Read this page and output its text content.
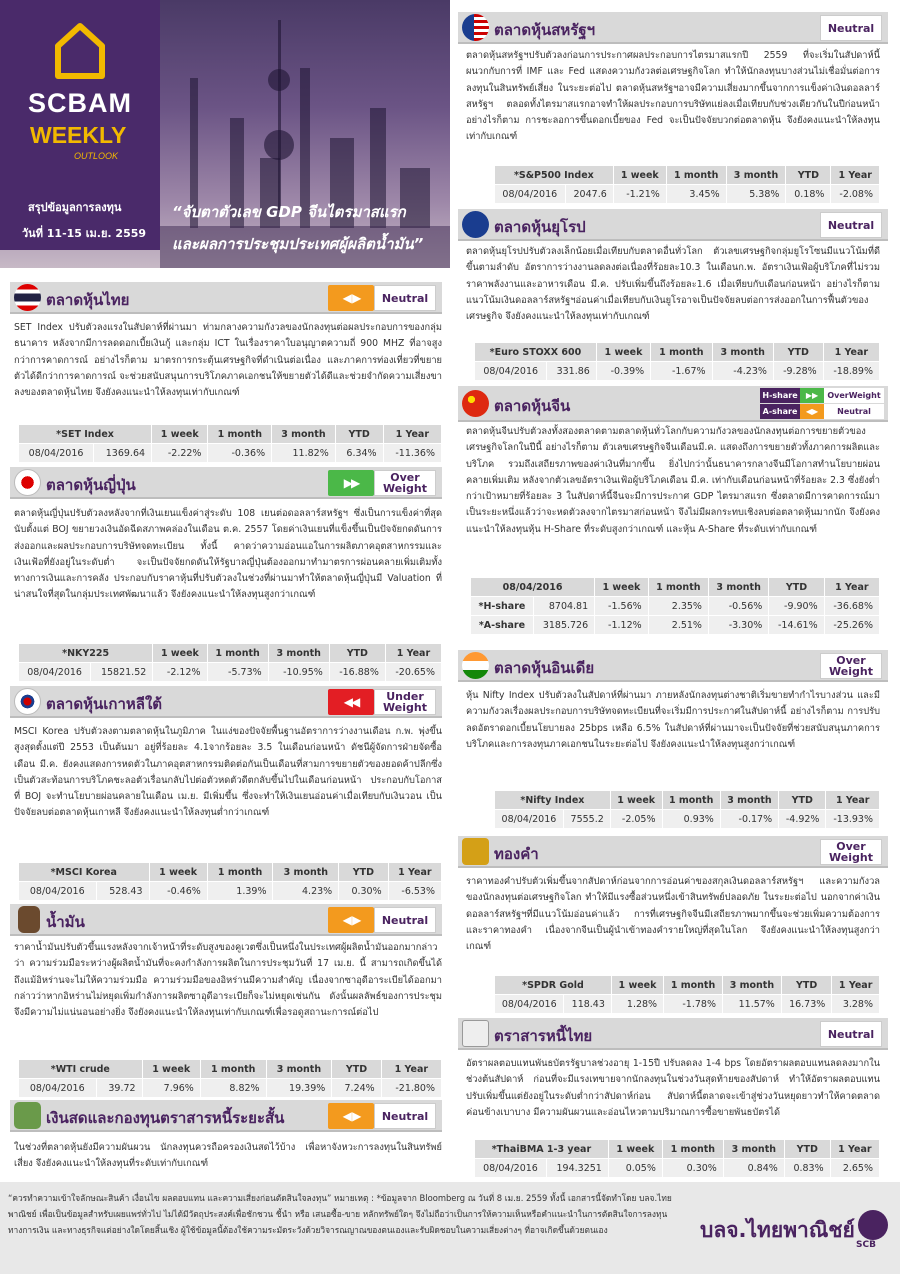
SCBAM
WEEKLY
OUTLOOK
สรุปข้อมูลการลงทุน
วันที่ 11-15 เม.ย. 2559
“จับตาตัวเลข GDP จีนไตรมาสแรก
และผลการประชุมประเทศผู้ผลิตน้ำมัน”
ตลาดหุ้นไทย	◀ ▶	Neutral
SET Index ปรับตัวลงแรงในสัปดาห์ที่ผ่านมา ท่ามกลางความกังวลของนักลงทุนต่อผลประกอบการของกลุ่มธนาคาร หลังจากมีการลดดอกเบี้ยเงินกู้ และกลุ่ม ICT ในเรื่องราคาใบอนุญาตความถี่ 900 MHZ ที่อาจสูงกว่าการคาดการณ์ อย่างไรก็ตาม มาตรการกระตุ้นเศรษฐกิจที่ดำเนินต่อเนื่อง และภาคการท่องเที่ยวที่ขยายตัวได้ดีกว่าการคาดการณ์ จะช่วยสนับสนุนการบริโภคภาคเอกชนให้ขยายตัวได้ดีและช่วยจำกัดความเสี่ยงขาลงของตลาดหุ้นไทย จึงยังคงแนะนำให้ลงทุนเท่ากับเกณฑ์
*SET Index		1 week	1 month	3 month	YTD	1 Year
08/04/2016	1369.64	-2.22%	-0.36%	11.82%	6.34%	-11.36%
ตลาดหุ้นญี่ปุ่น	▶▶	Over
Weight
ตลาดหุ้นญี่ปุ่นปรับตัวลงหลังจากที่เงินเยนแข็งค่าสู่ระดับ 108 เยนต่อดอลลาร์สหรัฐฯ ซึ่งเป็นการแข็งค่าที่สุดนับตั้งแต่ BOJ ขยายวงเงินอัดฉีดสภาพคล่องในเดือน ต.ค. 2557 โดยค่าเงินเยนที่แข็งขึ้นเป็นปัจจัยกดดันการส่งออกและผลประกอบการบริษัทจดทะเบียน ทั้งนี้ คาดว่าความอ่อนแอในการผลิตภาคอุตสาหกรรมและเงินเฟ้อที่ยังอยู่ในระดับต่ำ จะเป็นปัจจัยกดดันให้รัฐบาลญี่ปุ่นต้องออกมาทำมาตรการผ่อนคลายเพิ่มเติมทั้งทางการเงินและการคลัง ประกอบกับราคาหุ้นที่ปรับตัวลงในช่วงที่ผ่านมาทำให้ตลาดหุ้นญี่ปุ่นมี Valuation ที่น่าสนใจที่สุดในกลุ่มประเทศพัฒนาแล้ว จึงยังคงแนะนำให้ลงทุนสูงกว่าเกณฑ์
*NKY225		1 week	1 month	3 month	YTD	1 Year
08/04/2016	15821.52	-2.12%	-5.73%	-10.95%	-16.88%	-20.65%
ตลาดหุ้นเกาหลีใต้	◀◀	Under
Weight
MSCI Korea ปรับตัวลงตามตลาดหุ้นในภูมิภาค ในแง่ของปัจจัยพื้นฐานอัตราการว่างงานเดือน ก.พ. พุ่งขึ้นสูงสุดตั้งแต่ปี 2553 เป็นต้นมา อยู่ที่ร้อยละ 4.1จากร้อยละ 3.5 ในเดือนก่อนหน้า ดัชนีผู้จัดการฝ่ายจัดซื้อเดือน มี.ค. ยังคงแสดงการหดตัวในภาคอุตสาหกรรมติดต่อกันเป็นเดือนที่สามการขยายตัวของยอดค้าปลีกซึ่งเป็นตัวสะท้อนการบริโภคชะลอตัวเรื่อนกลับไปต่อตัวหดตัวดีตกลับขึ้นไปในเดือนก่อนหน้า ประกอบกับโอกาสที่ BOJ จะทำนโยบายผ่อนคลายในเดือน เม.ย. มีเพิ่มขึ้น ซึ่งจะทำให้เงินเยนอ่อนค่าเมื่อเทียบกับเงินวอน เป็นปัจจัยลบต่อตลาดหุ้นเกาหลี จึงยังคงแนะนำให้ลงทุนต่ำกว่าเกณฑ์
*MSCI Korea		1 week	1 month	3 month	YTD	1 Year
08/04/2016	528.43	-0.46%	1.39%	4.23%	0.30%	-6.53%
น้ำมัน	◀ ▶	Neutral
ราคาน้ำมันปรับตัวขึ้นแรงหลังจากเจ้าหน้าที่ระดับสูงของคูเวตซึ่งเป็นหนึ่งในประเทศผู้ผลิตน้ำมันออกมากล่าวว่า ความร่วมมือระหว่างผู้ผลิตน้ำมันที่จะคงกำลังการผลิตในการประชุมวันที่ 17 เม.ย. นี้ สามารถเกิดขึ้นได้ถึงแม้อิหร่านจะไม่ให้ความร่วมมือ ความร่วมมือของอิหร่านมีความสำคัญ เนื่องจากซาอุดีอาระเบียได้ออกมากล่าวว่าหากอิหร่านไม่หยุดเพิ่มกำลังการผลิตซาอุดีอาระเบียก็จะไม่หยุดเช่นกัน ดังนั้นผลลัพธ์ของการประชุมจึงมีความไม่แน่นอนอย่างยิ่ง จึงยังคงแนะนำให้ลงทุนเท่ากับเกณฑ์เพื่อรอดูสถานะการณ์ต่อไป
*WTI crude		1 week	1 month	3 month	YTD	1 Year
08/04/2016	39.72	7.96%	8.82%	19.39%	7.24%	-21.80%
เงินสดและกองทุนตราสารหนี้ระยะสั้น	◀ ▶	Neutral
ในช่วงที่ตลาดหุ้นยังมีความผันผวน นักลงทุนควรถือครองเงินสดไว้บ้าง เพื่อหาจังหวะการลงทุนในสินทรัพย์เสี่ยง จึงยังคงแนะนำให้ลงทุนที่ระดับเท่ากับเกณฑ์
ตลาดหุ้นสหรัฐฯ	Neutral
ตลาดหุ้นสหรัฐฯปรับตัวลงก่อนการประกาศผลประกอบการไตรมาสแรกปี 2559 ที่จะเริ่มในสัปดาห์นี้ ผนวกกับการที่ IMF และ Fed แสดงความกังวลต่อเศรษฐกิจโลก ทำให้นักลงทุนบางส่วนไม่เชื่อมั่นต่อการลงทุนในสินทรัพย์เสี่ยง ในระยะต่อไป ตลาดหุ้นสหรัฐฯอาจมีความเสี่ยงมากขึ้นจากการแข็งค่าเงินดอลลาร์สหรัฐฯ ตลอดทั้งไตรมาสแรกอาจทำให้ผลประกอบการบริษัทแย่ลงเมื่อเทียบกับช่วงเดียวกันในปีก่อนหน้า อย่างไรก็ตาม การชะลอการขึ้นดอกเบี้ยของ Fed จะเป็นปัจจัยบวกต่อตลาดหุ้น จึงยังคงแนะนำให้ลงทุนเท่ากับเกณฑ์
*S&P500 Index		1 week	1 month	3 month	YTD	1 Year
08/04/2016	2047.6	-1.21%	3.45%	5.38%	0.18%	-2.08%
ตลาดหุ้นยุโรป	Neutral
ตลาดหุ้นยุโรปปรับตัวลงเล็กน้อยเมื่อเทียบกับตลาดอื่นทั่วโลก ตัวเลขเศรษฐกิจกลุ่มยูโรโซนมีแนวโน้มที่ดีขึ้นตามลำดับ อัตราการว่างงานลดลงต่อเนื่องที่ร้อยละ10.3 ในเดือนก.พ. อัตราเงินเฟ้อผู้บริโภคที่ไม่รวมราคาพลังงานและอาหารเดือน มี.ค. ปรับเพิ่มขึ้นถึงร้อยละ1.6 เมื่อเทียบกับเดือนก่อนหน้า อย่างไรก็ตาม แนวโน้มเงินดอลลาร์สหรัฐฯอ่อนค่าเมื่อเทียบกับเงินยูโรอาจเป็นปัจจัยลบต่อการส่งออกในการฟื้นตัวของเศรษฐกิจ จึงยังคงแนะนำให้ลงทุนเท่ากับเกณฑ์
*Euro STOXX 600		1 week	1 month	3 month	YTD	1 Year
08/04/2016	331.86	-0.39%	-1.67%	-4.23%	-9.28%	-18.89%
ตลาดหุ้นจีน
H-share	▶▶	OverWeight
A-share	◀▶	Neutral
ตลาดหุ้นจีนปรับตัวลงทั้งสองตลาดตามตลาดหุ้นทั่วโลกกับความกังวลของนักลงทุนต่อการขยายตัวของเศรษฐกิจโลกในปีนี้ อย่างไรก็ตาม ตัวเลขเศรษฐกิจจีนเดือนมี.ค. แสดงถึงการขยายตัวทั้งภาคการผลิตและบริโภค รวมถึงเสถียรภาพของค่าเงินที่มากขึ้น ยิ่งไปกว่านั้นธนาคารกลางจีนมีโอกาสทำนโยบายผ่อนคลายเพิ่มเติม หลังจากตัวเลขอัตราเงินเฟ้อผู้บริโภคเดือน มี.ค. เท่ากับเดือนก่อนหน้าที่ร้อยละ 2.3 ซึ่งยังต่ำกว่าเป้าหมายที่ร้อยละ 3 ในสัปดาห์นี้จีนจะมีการประกาศ GDP ไตรมาสแรก ซึ่งตลาดมีการคาดการณ์มาเป็นระยะหนึ่งแล้วว่าจะหดตัวลงจากไตรมาสก่อนหน้า จึงไม่มีผลกระทบเชิงลบต่อตลาดหุ้นมากนัก จึงยังคงแนะนำให้ลงทุนหุ้น H-Share ที่ระดับสูงกว่าเกณฑ์ และหุ้น A-Share ที่ระดับเท่ากับเกณฑ์
08/04/2016		1 week	1 month	3 month	YTD	1 Year
*H-share	8704.81	-1.56%	2.35%	-0.56%	-9.90%	-36.68%
*A-share	3185.726	-1.12%	2.51%	-3.30%	-14.61%	-25.26%
ตลาดหุ้นอินเดีย	Over
Weight
หุ้น Nifty Index ปรับตัวลงในสัปดาห์ที่ผ่านมา ภายหลังนักลงทุนต่างชาติเริ่มขายทำกำไรบางส่วน และมีความกังวลเรื่องผลประกอบการบริษัทจดทะเบียนที่จะเริ่มมีการประกาศในสัปดาห์นี้ อย่างไรก็ตาม การปรับลดอัตราดอกเบี้ยนโยบายลง 25bps เหลือ 6.5% ในสัปดาห์ที่ผ่านมาจะเป็นปัจจัยที่ช่วยสนับสนุนภาคการบริโภคและการลงทุนภาคเอกชนในระยะต่อไป จึงยังคงแนะนำให้ลงทุนสูงกว่าเกณฑ์
*Nifty Index		1 week	1 month	3 month	YTD	1 Year
08/04/2016	7555.2	-2.05%	0.93%	-0.17%	-4.92%	-13.93%
ทองคำ	Over
Weight
ราคาทองคำปรับตัวเพิ่มขึ้นจากสัปดาห์ก่อนจากการอ่อนค่าของสกุลเงินดอลลาร์สหรัฐฯ และความกังวลของนักลงทุนต่อเศรษฐกิจโลก ทำให้มีแรงซื้อส่วนหนึ่งเข้าสินทรัพย์ปลอดภัย ในระยะต่อไป นอกจากค่าเงินดอลลาร์สหรัฐฯที่มีแนวโน้มอ่อนค่าแล้ว การที่เศรษฐกิจจีนมีเสถียรภาพมากขึ้นจะช่วยเพิ่มความต้องการและราคาทองคำ เนื่องจากจีนเป็นผู้นำเข้าทองคำรายใหญ่ที่สุดในโลก จึงยังคงแนะนำให้ลงทุนสูงกว่าเกณฑ์
*SPDR Gold		1 week	1 month	3 month	YTD	1 Year
08/04/2016	118.43	1.28%	-1.78%	11.57%	16.73%	3.28%
ตราสารหนี้ไทย	Neutral
อัตราผลตอบแทนพันธบัตรรัฐบาลช่วงอายุ 1-15ปี ปรับลดลง 1-4 bps โดยอัตราผลตอบแทนลดลงมากในช่วงต้นสัปดาห์ ก่อนที่จะมีแรงเทขายจากนักลงทุนในช่วงวันสุดท้ายของสัปดาห์ ทำให้อัตราผลตอบแทนปรับเพิ่มขึ้นแต่ยังอยู่ในระดับต่ำกว่าสัปดาห์ก่อน สัปดาห์นี้ตลาดจะเข้าสู่ช่วงวันหยุดยาวทำให้คาดตลาดค่อนข้างเบาบาง มีความผันผวนและอ่อนไหวตามปริมาณการซื้อขายพันธบัตรได้
*ThaiBMA 1-3 year		1 week	1 month	3 month	YTD	1 Year
08/04/2016	194.3251	0.05%	0.30%	0.84%	0.83%	2.65%
“ควรทำความเข้าใจลักษณะสินค้า เงื่อนไข ผลตอบแทน และความเสี่ยงก่อนตัดสินใจลงทุน” หมายเหตุ : *ข้อมูลจาก Bloomberg ณ วันที่ 8 เม.ย. 2559 ทั้งนี้ เอกสารนี้จัดทำโดย บลจ.ไทยพาณิชย์ เพื่อเป็นข้อมูลสำหรับเผยแพร่ทั่วไป ไม่ได้มีวัตถุประสงค์เพื่อชักชวน ชี้นำ หรือ เสนอซื้อ-ขาย หลักทรัพย์ใดๆ จึงไม่ถือว่าเป็นการให้ความเห็นหรือคำแนะนำในการตัดสินใจการลงทุนทางการเงิน และทางธุรกิจแต่อย่างใดโดยสิ้นเชิง ผู้ใช้ข้อมูลนี้ต้องใช้ความระมัดระวังด้วยวิจารณญาณของตนเองและรับผิดชอบในความเสี่ยงต่างๆ ที่อาจเกิดขึ้นด้วยตนเอง	บลจ.ไทยพาณิชย์
SCB
